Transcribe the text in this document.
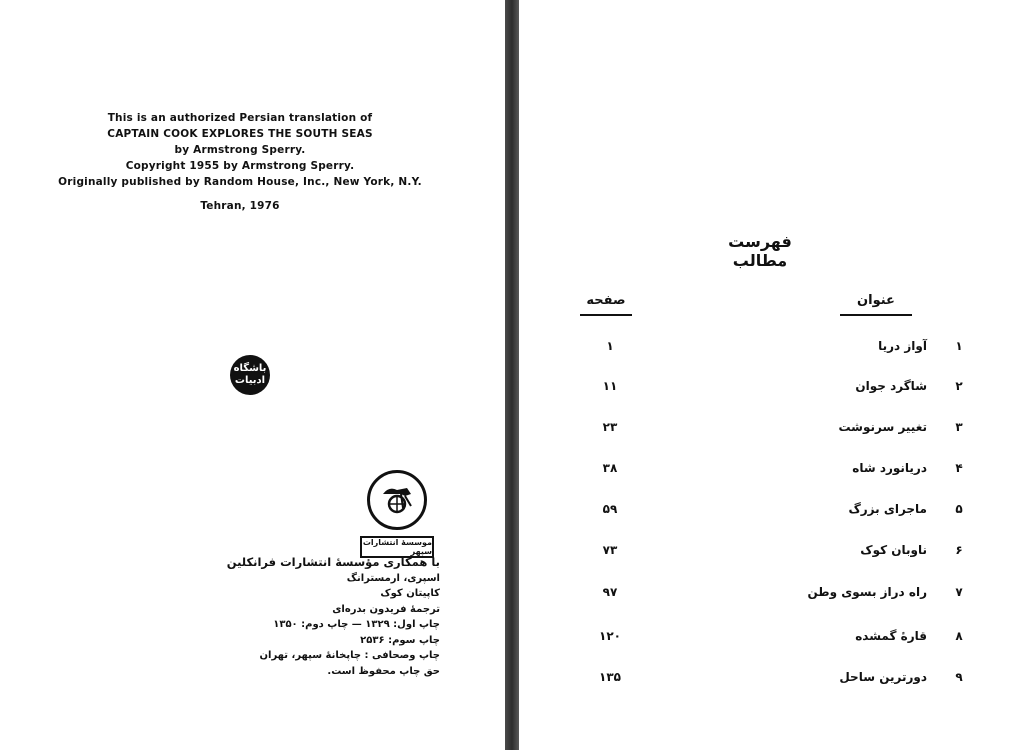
This is an authorized Persian translation of
CAPTAIN COOK EXPLORES THE SOUTH SEAS
by Armstrong Sperry.
Copyright 1955 by Armstrong Sperry.
Originally published by Random House, Inc., New York, N.Y.
Tehran, 1976
باشگاه
ادبیات
موسسهٔ انتشارات سپهر
با همکاری مؤسسهٔ انتشارات فرانکلین
اسپری، ارمسترانگ
کاپیتان کوک
ترجمهٔ فریدون بدره‌ای
چاپ اول: ۱۳۲۹ — چاپ دوم: ۱۳۵۰
چاپ سوم: ۲۵۳۶
چاپ وصحافی : چاپخانهٔ سپهر، تهران
حق چاپ محفوظ است.
فهرست مطالب
عنوان
صفحه
۱
آواز دریا
۱
۲
شاگرد جوان
۱۱
۳
تغییر سرنوشت
۲۳
۴
دریانورد شاه
۳۸
۵
ماجرای بزرگ
۵۹
۶
ناوبان کوک
۷۳
۷
راه دراز بسوی وطن
۹۷
۸
قارهٔ گمشده
۱۲۰
۹
دورترین ساحل
۱۳۵
